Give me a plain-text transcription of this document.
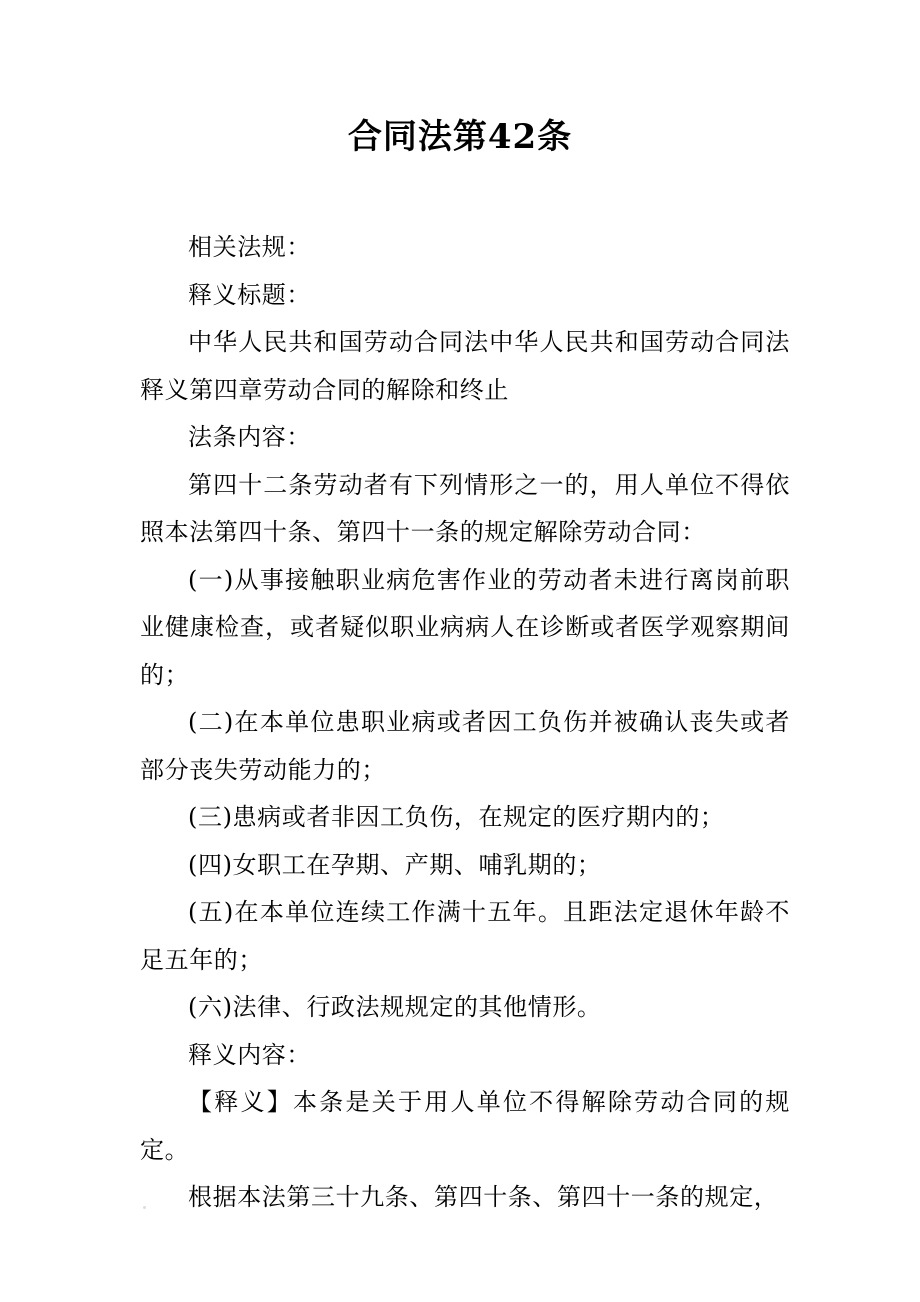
合同法第42条

相关法规：

释义标题：

中华人民共和国劳动合同法中华人民共和国劳动合同法释义第四章劳动合同的解除和终止

法条内容：

第四十二条劳动者有下列情形之一的，用人单位不得依照本法第四十条、第四十一条的规定解除劳动合同：

(一)从事接触职业病危害作业的劳动者未进行离岗前职业健康检查，或者疑似职业病病人在诊断或者医学观察期间的；

(二)在本单位患职业病或者因工负伤并被确认丧失或者部分丧失劳动能力的；

(三)患病或者非因工负伤，在规定的医疗期内的；

(四)女职工在孕期、产期、哺乳期的；

(五)在本单位连续工作满十五年。且距法定退休年龄不足五年的；

(六)法律、行政法规规定的其他情形。

释义内容：

【释义】本条是关于用人单位不得解除劳动合同的规定。

根据本法第三十九条、第四十条、第四十一条的规定，
